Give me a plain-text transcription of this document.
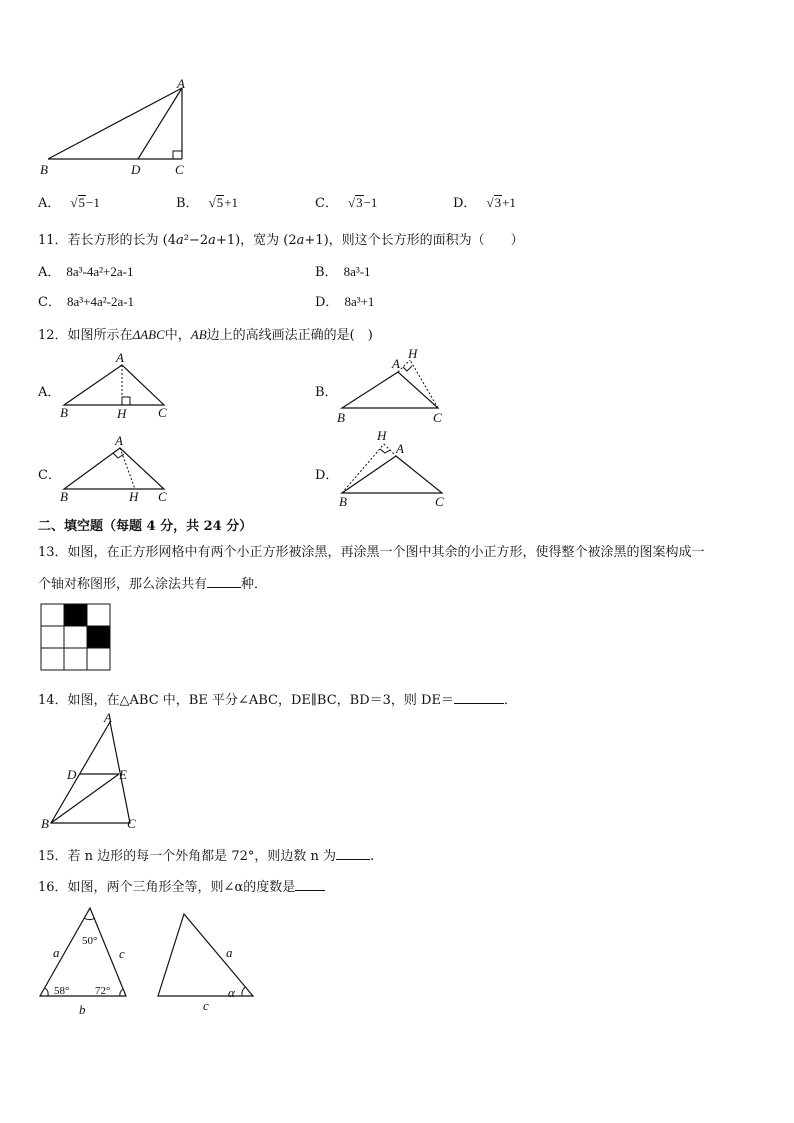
A
B	D	C
A． √5−1	B． √5+1	C． √3−1	D． √3+1
11．若长方形的长为 (4a²−2a+1)，宽为 (2a+1)，则这个长方形的面积为（　　）
A． 8a³-4a²+2a-1	B． 8a³-1
C． 8a³+4a²-2a-1	D． 8a³+1
12．如图所示在ΔABC中，AB边上的高线画法正确的是(　)
A．
A
B	H C
B．
A
H
B	C
C．
A
B	H C
D．
H
A
B	C
二、填空题（每题 4 分，共 24 分）
13．如图，在正方形网格中有两个小正方形被涂黑，再涂黑一个图中其余的小正方形，使得整个被涂黑的图案构成一
个轴对称图形，那么涂法共有	种．
14．如图，在△ABC 中，BE 平分∠ABC，DE∥BC，BD＝3，则 DE＝	．
A
D	E
B	C
15．若 n 边形的每一个外角都是 72°，则边数 n 为	.
16．如图，两个三角形全等，则∠α的度数是
50°
58° 72°
a	c
b
a
c
α
